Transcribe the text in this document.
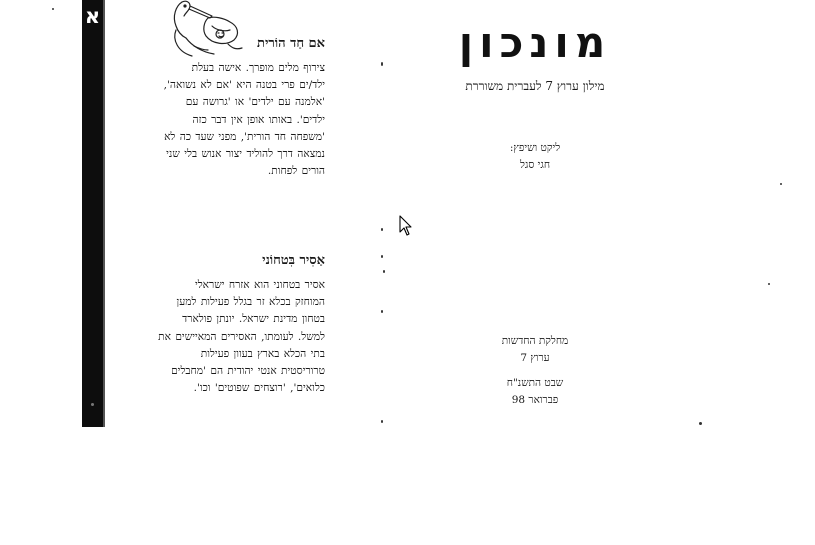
א
אם חַד הוֹרית
צירוף מלים מופרך. אישה בעלת
ילד/ים פרי בטנה היא 'אם לא נשואה',
'אלמנה עם ילדים' או 'גרושה עם
ילדים'. באותו אופן אין דבר כזה
'משפחה חד הורית', מפני שעד כה לא
נמצאה דרך להוליד יצור אנוש בלי שני
הורים לפחות.
אַסִיר בִּטחוֹני
אסיר בטחוני הוא אזרח ישראלי
המוחזק בכלא זר בגלל פעילות למען
בטחון מדינת ישראל. יונתן פולארד
למשל. לעומתו, האסירים המאיישים את
בתי הכלא בארץ בעוון פעילות
טרוריסטית אנטי יהודית הם 'מחבלים
כלואים', 'רוצחים שפוטים' וכו'.
מונכון
מילון ערוץ 7 לעברית משוררת
ליקט ושיפץ:
חגי סגל
מחלקת החדשות
ערוץ 7
שבט התשנ"ח
פברואר 98
